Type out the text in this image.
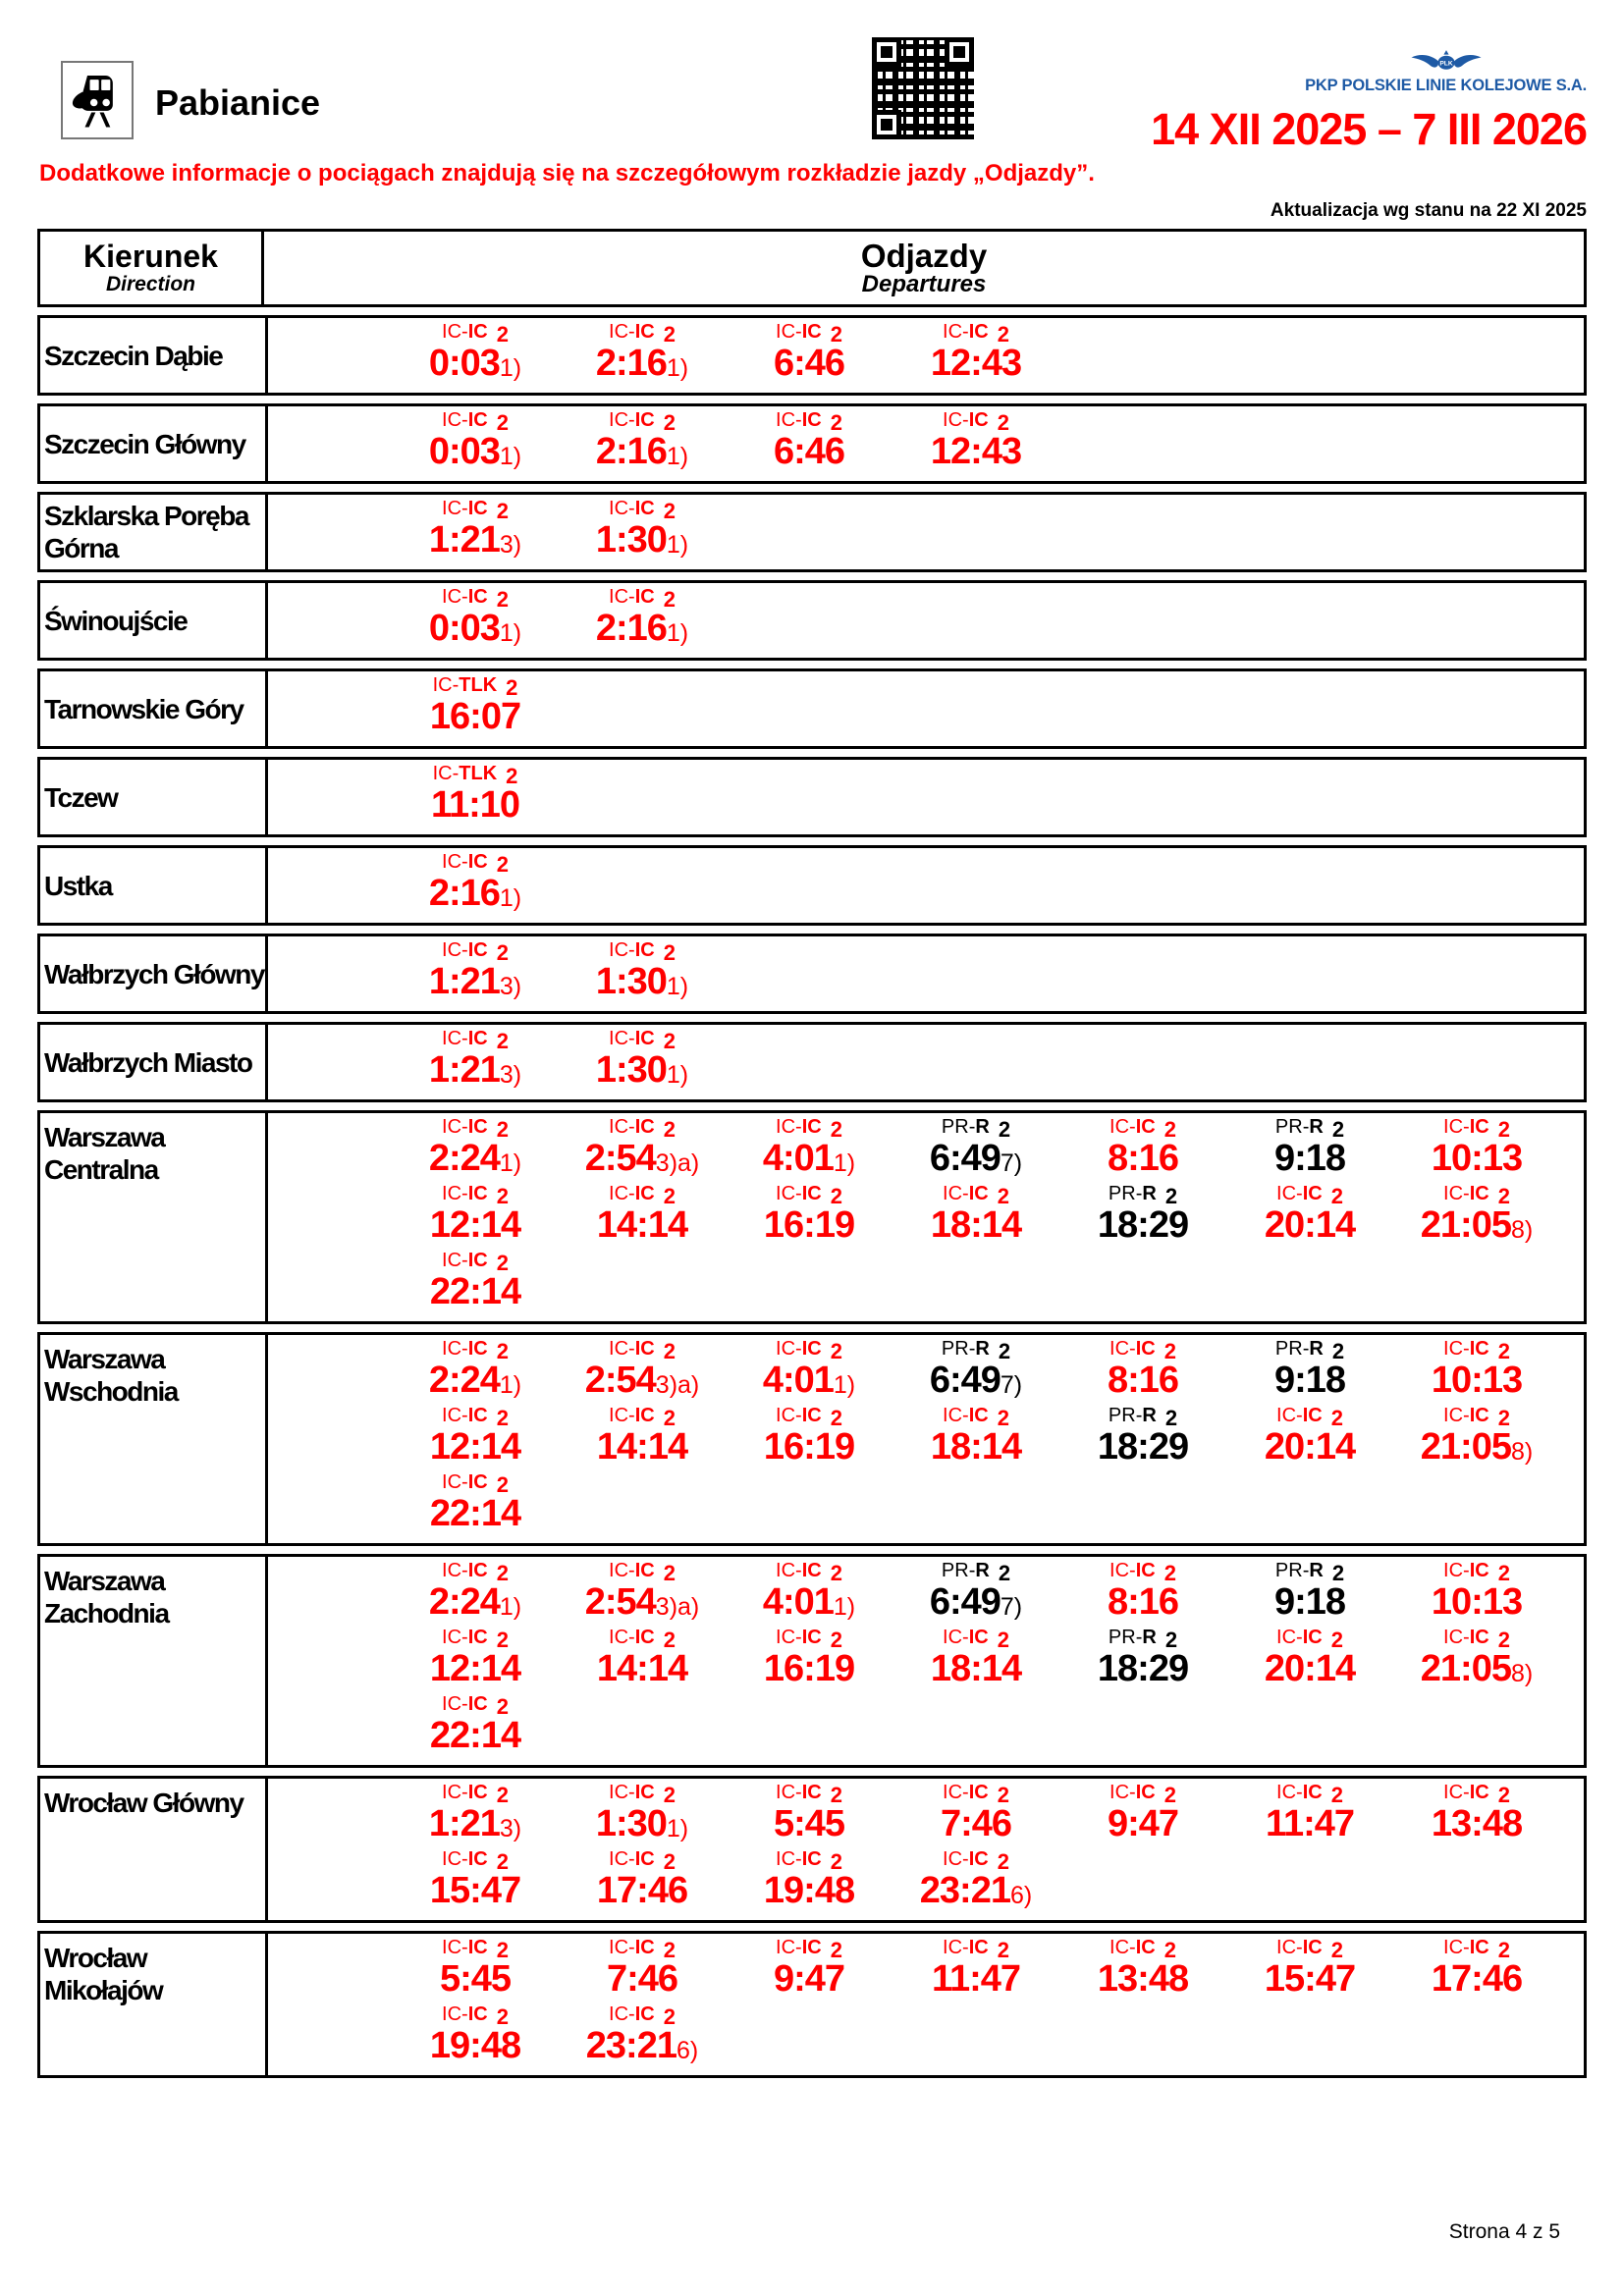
Pabianice
PLK
PKP POLSKIE LINIE KOLEJOWE S.A.
14 XII 2025 – 7 III 2026
Dodatkowe informacje o pociągach znajdują się na szczegółowym rozkładzie jazdy „Odjazdy”.
Aktualizacja wg stanu na 22 XI 2025
Kierunek
Direction
Odjazdy
Departures
Szczecin Dąbie
IC- IC 2
0:03 1)
IC- IC 2
2:16 1)
IC- IC 2
6:46
IC- IC 2
12:43
Szczecin Główny
IC- IC 2
0:03 1)
IC- IC 2
2:16 1)
IC- IC 2
6:46
IC- IC 2
12:43
Szklarska Poręba Górna
IC- IC 2
1:21 3)
IC- IC 2
1:30 1)
Świnoujście
IC- IC 2
0:03 1)
IC- IC 2
2:16 1)
Tarnowskie Góry
IC- TLK 2
16:07
Tczew
IC- TLK 2
11:10
Ustka
IC- IC 2
2:16 1)
Wałbrzych Główny
IC- IC 2
1:21 3)
IC- IC 2
1:30 1)
Wałbrzych Miasto
IC- IC 2
1:21 3)
IC- IC 2
1:30 1)
Warszawa Centralna
IC- IC 2
2:24 1)
IC- IC 2
2:54 3)a)
IC- IC 2
4:01 1)
PR- R 2
6:49 7)
IC- IC 2
8:16
PR- R 2
9:18
IC- IC 2
10:13
IC- IC 2
12:14
IC- IC 2
14:14
IC- IC 2
16:19
IC- IC 2
18:14
PR- R 2
18:29
IC- IC 2
20:14
IC- IC 2
21:05 8)
IC- IC 2
22:14
Warszawa Wschodnia
IC- IC 2
2:24 1)
IC- IC 2
2:54 3)a)
IC- IC 2
4:01 1)
PR- R 2
6:49 7)
IC- IC 2
8:16
PR- R 2
9:18
IC- IC 2
10:13
IC- IC 2
12:14
IC- IC 2
14:14
IC- IC 2
16:19
IC- IC 2
18:14
PR- R 2
18:29
IC- IC 2
20:14
IC- IC 2
21:05 8)
IC- IC 2
22:14
Warszawa Zachodnia
IC- IC 2
2:24 1)
IC- IC 2
2:54 3)a)
IC- IC 2
4:01 1)
PR- R 2
6:49 7)
IC- IC 2
8:16
PR- R 2
9:18
IC- IC 2
10:13
IC- IC 2
12:14
IC- IC 2
14:14
IC- IC 2
16:19
IC- IC 2
18:14
PR- R 2
18:29
IC- IC 2
20:14
IC- IC 2
21:05 8)
IC- IC 2
22:14
Wrocław Główny	IC- IC 2
1:21 3)
IC- IC 2
1:30 1)
IC- IC 2
5:45
IC- IC 2
7:46
IC- IC 2
9:47
IC- IC 2
11:47
IC- IC 2
13:48
IC- IC 2
15:47
IC- IC 2
17:46
IC- IC 2
19:48
IC- IC 2
23:21 6)
Wrocław Mikołajów
IC- IC 2
5:45
IC- IC 2
7:46
IC- IC 2
9:47
IC- IC 2
11:47
IC- IC 2
13:48
IC- IC 2
15:47
IC- IC 2
17:46
IC- IC 2
19:48
IC- IC 2
23:21 6)
Strona 4 z 5
